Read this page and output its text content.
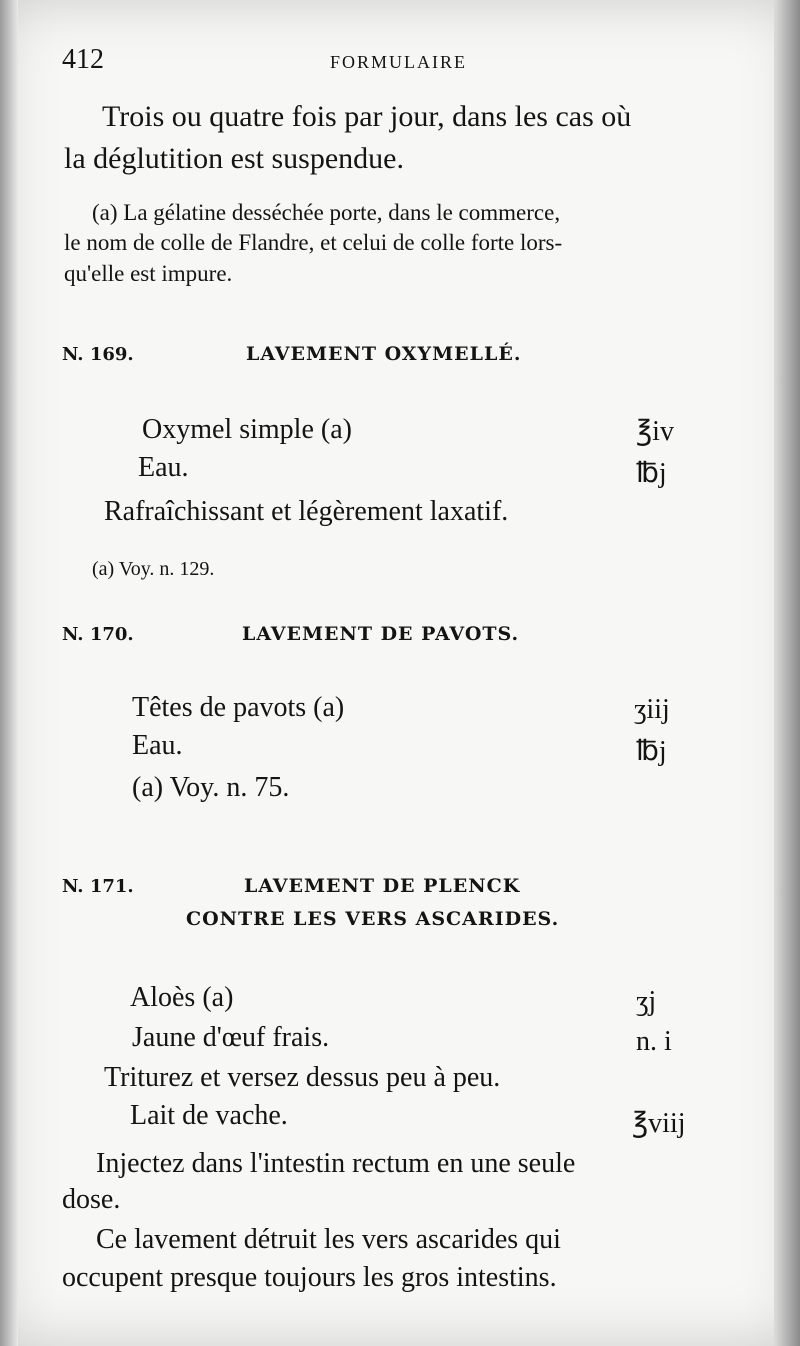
412	FORMULAIRE
Trois ou quatre fois par jour, dans les cas où
la déglutition est suspendue.
(a) La gélatine desséchée porte, dans le commerce,
le nom de colle de Flandre, et celui de colle forte lors-
qu'elle est impure.
N. 169.	LAVEMENT OXYMELLÉ.
Oxymel simple (a)	℥iv
Eau.	℔j
Rafraîchissant et légèrement laxatif.
(a) Voy. n. 129.
N. 170.	LAVEMENT DE PAVOTS.
Têtes de pavots (a)	ʒiij
Eau.	℔j
(a) Voy. n. 75.
N. 171.	LAVEMENT DE PLENCK
CONTRE LES VERS ASCARIDES.
Aloès (a)	ʒj
Jaune d'œuf frais.	n. i
Triturez et versez dessus peu à peu.
Lait de vache.	℥viij
Injectez dans l'intestin rectum en une seule
dose.
Ce lavement détruit les vers ascarides qui
occupent presque toujours les gros intestins.
